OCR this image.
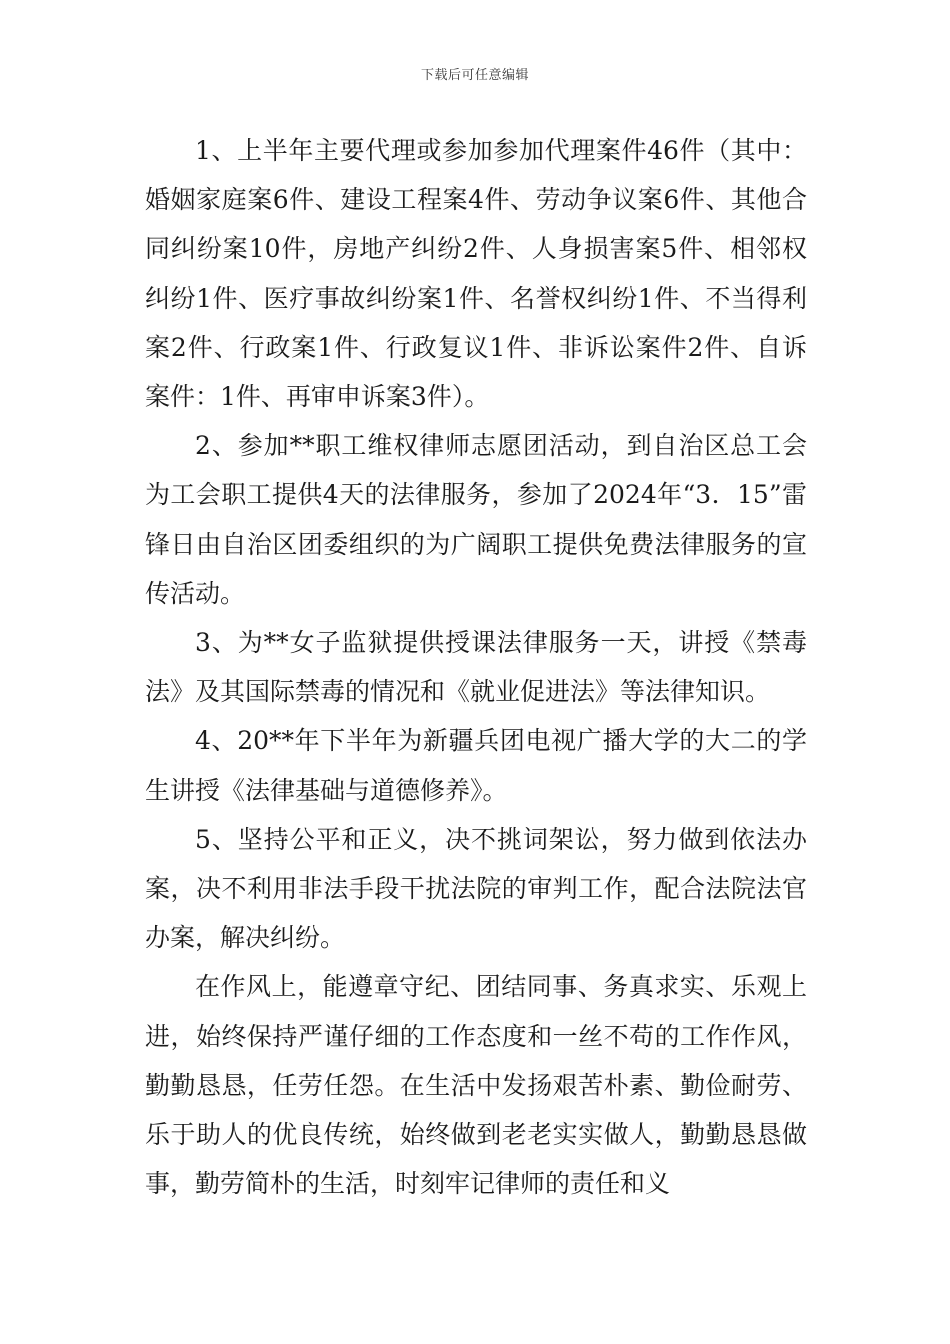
下载后可任意编辑

1、上半年主要代理或参加参加代理案件46件（其中：婚姻家庭案6件、建设工程案4件、劳动争议案6件、其他合同纠纷案10件，房地产纠纷2件、人身损害案5件、相邻权纠纷1件、医疗事故纠纷案1件、名誉权纠纷1件、不当得利案2件、行政案1件、行政复议1件、非诉讼案件2件、自诉案件：1件、再审申诉案3件）。

2、参加**职工维权律师志愿团活动，到自治区总工会为工会职工提供4天的法律服务，参加了2024年“3．15”雷锋日由自治区团委组织的为广阔职工提供免费法律服务的宣传活动。

3、为**女子监狱提供授课法律服务一天，讲授《禁毒法》及其国际禁毒的情况和《就业促进法》等法律知识。

4、20**年下半年为新疆兵团电视广播大学的大二的学生讲授《法律基础与道德修养》。

5、坚持公平和正义，决不挑词架讼，努力做到依法办案，决不利用非法手段干扰法院的审判工作，配合法院法官办案，解决纠纷。

在作风上，能遵章守纪、团结同事、务真求实、乐观上进，始终保持严谨仔细的工作态度和一丝不苟的工作作风，勤勤恳恳，任劳任怨。在生活中发扬艰苦朴素、勤俭耐劳、乐于助人的优良传统，始终做到老老实实做人，勤勤恳恳做事，勤劳简朴的生活，时刻牢记律师的责任和义
